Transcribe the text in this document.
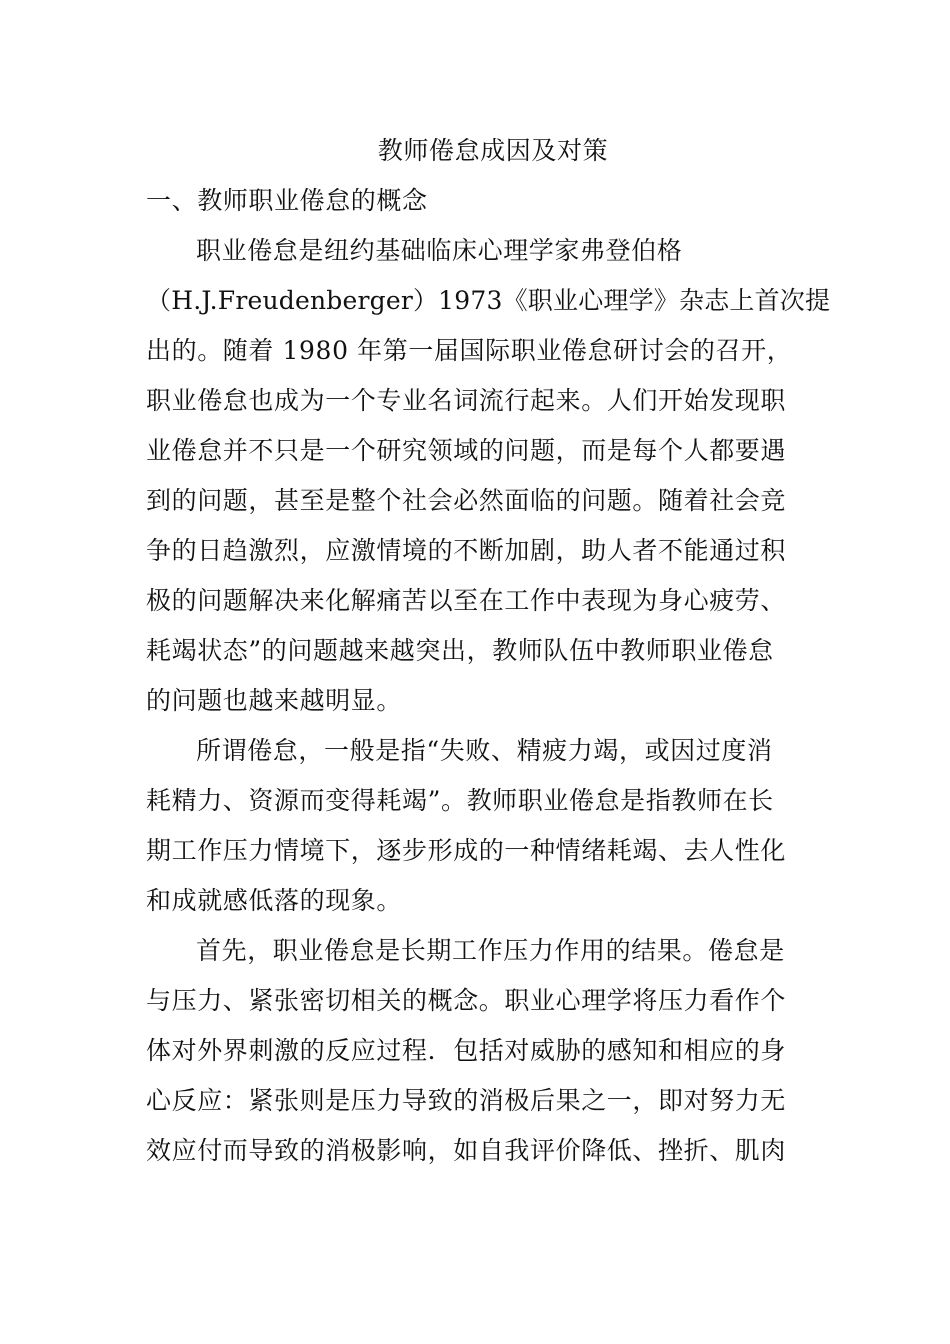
教师倦怠成因及对策
一、教师职业倦怠的概念
职业倦怠是纽约基础临床心理学家弗登伯格
（H.J.Freudenberger）1973《职业心理学》杂志上首次提
出的。随着 1980 年第一届国际职业倦怠研讨会的召开，
职业倦怠也成为一个专业名词流行起来。人们开始发现职
业倦怠并不只是一个研究领域的问题，而是每个人都要遇
到的问题，甚至是整个社会必然面临的问题。随着社会竞
争的日趋激烈，应激情境的不断加剧，助人者不能通过积
极的问题解决来化解痛苦以至在工作中表现为身心疲劳、
耗竭状态”的问题越来越突出，教师队伍中教师职业倦怠
的问题也越来越明显。
所谓倦怠，一般是指“失败、精疲力竭，或因过度消
耗精力、资源而变得耗竭”。教师职业倦怠是指教师在长
期工作压力情境下，逐步形成的一种情绪耗竭、去人性化
和成就感低落的现象。
首先，职业倦怠是长期工作压力作用的结果。倦怠是
与压力、紧张密切相关的概念。职业心理学将压力看作个
体对外界刺激的反应过程．包括对威胁的感知和相应的身
心反应：紧张则是压力导致的消极后果之一，即对努力无
效应付而导致的消极影响，如自我评价降低、挫折、肌肉
